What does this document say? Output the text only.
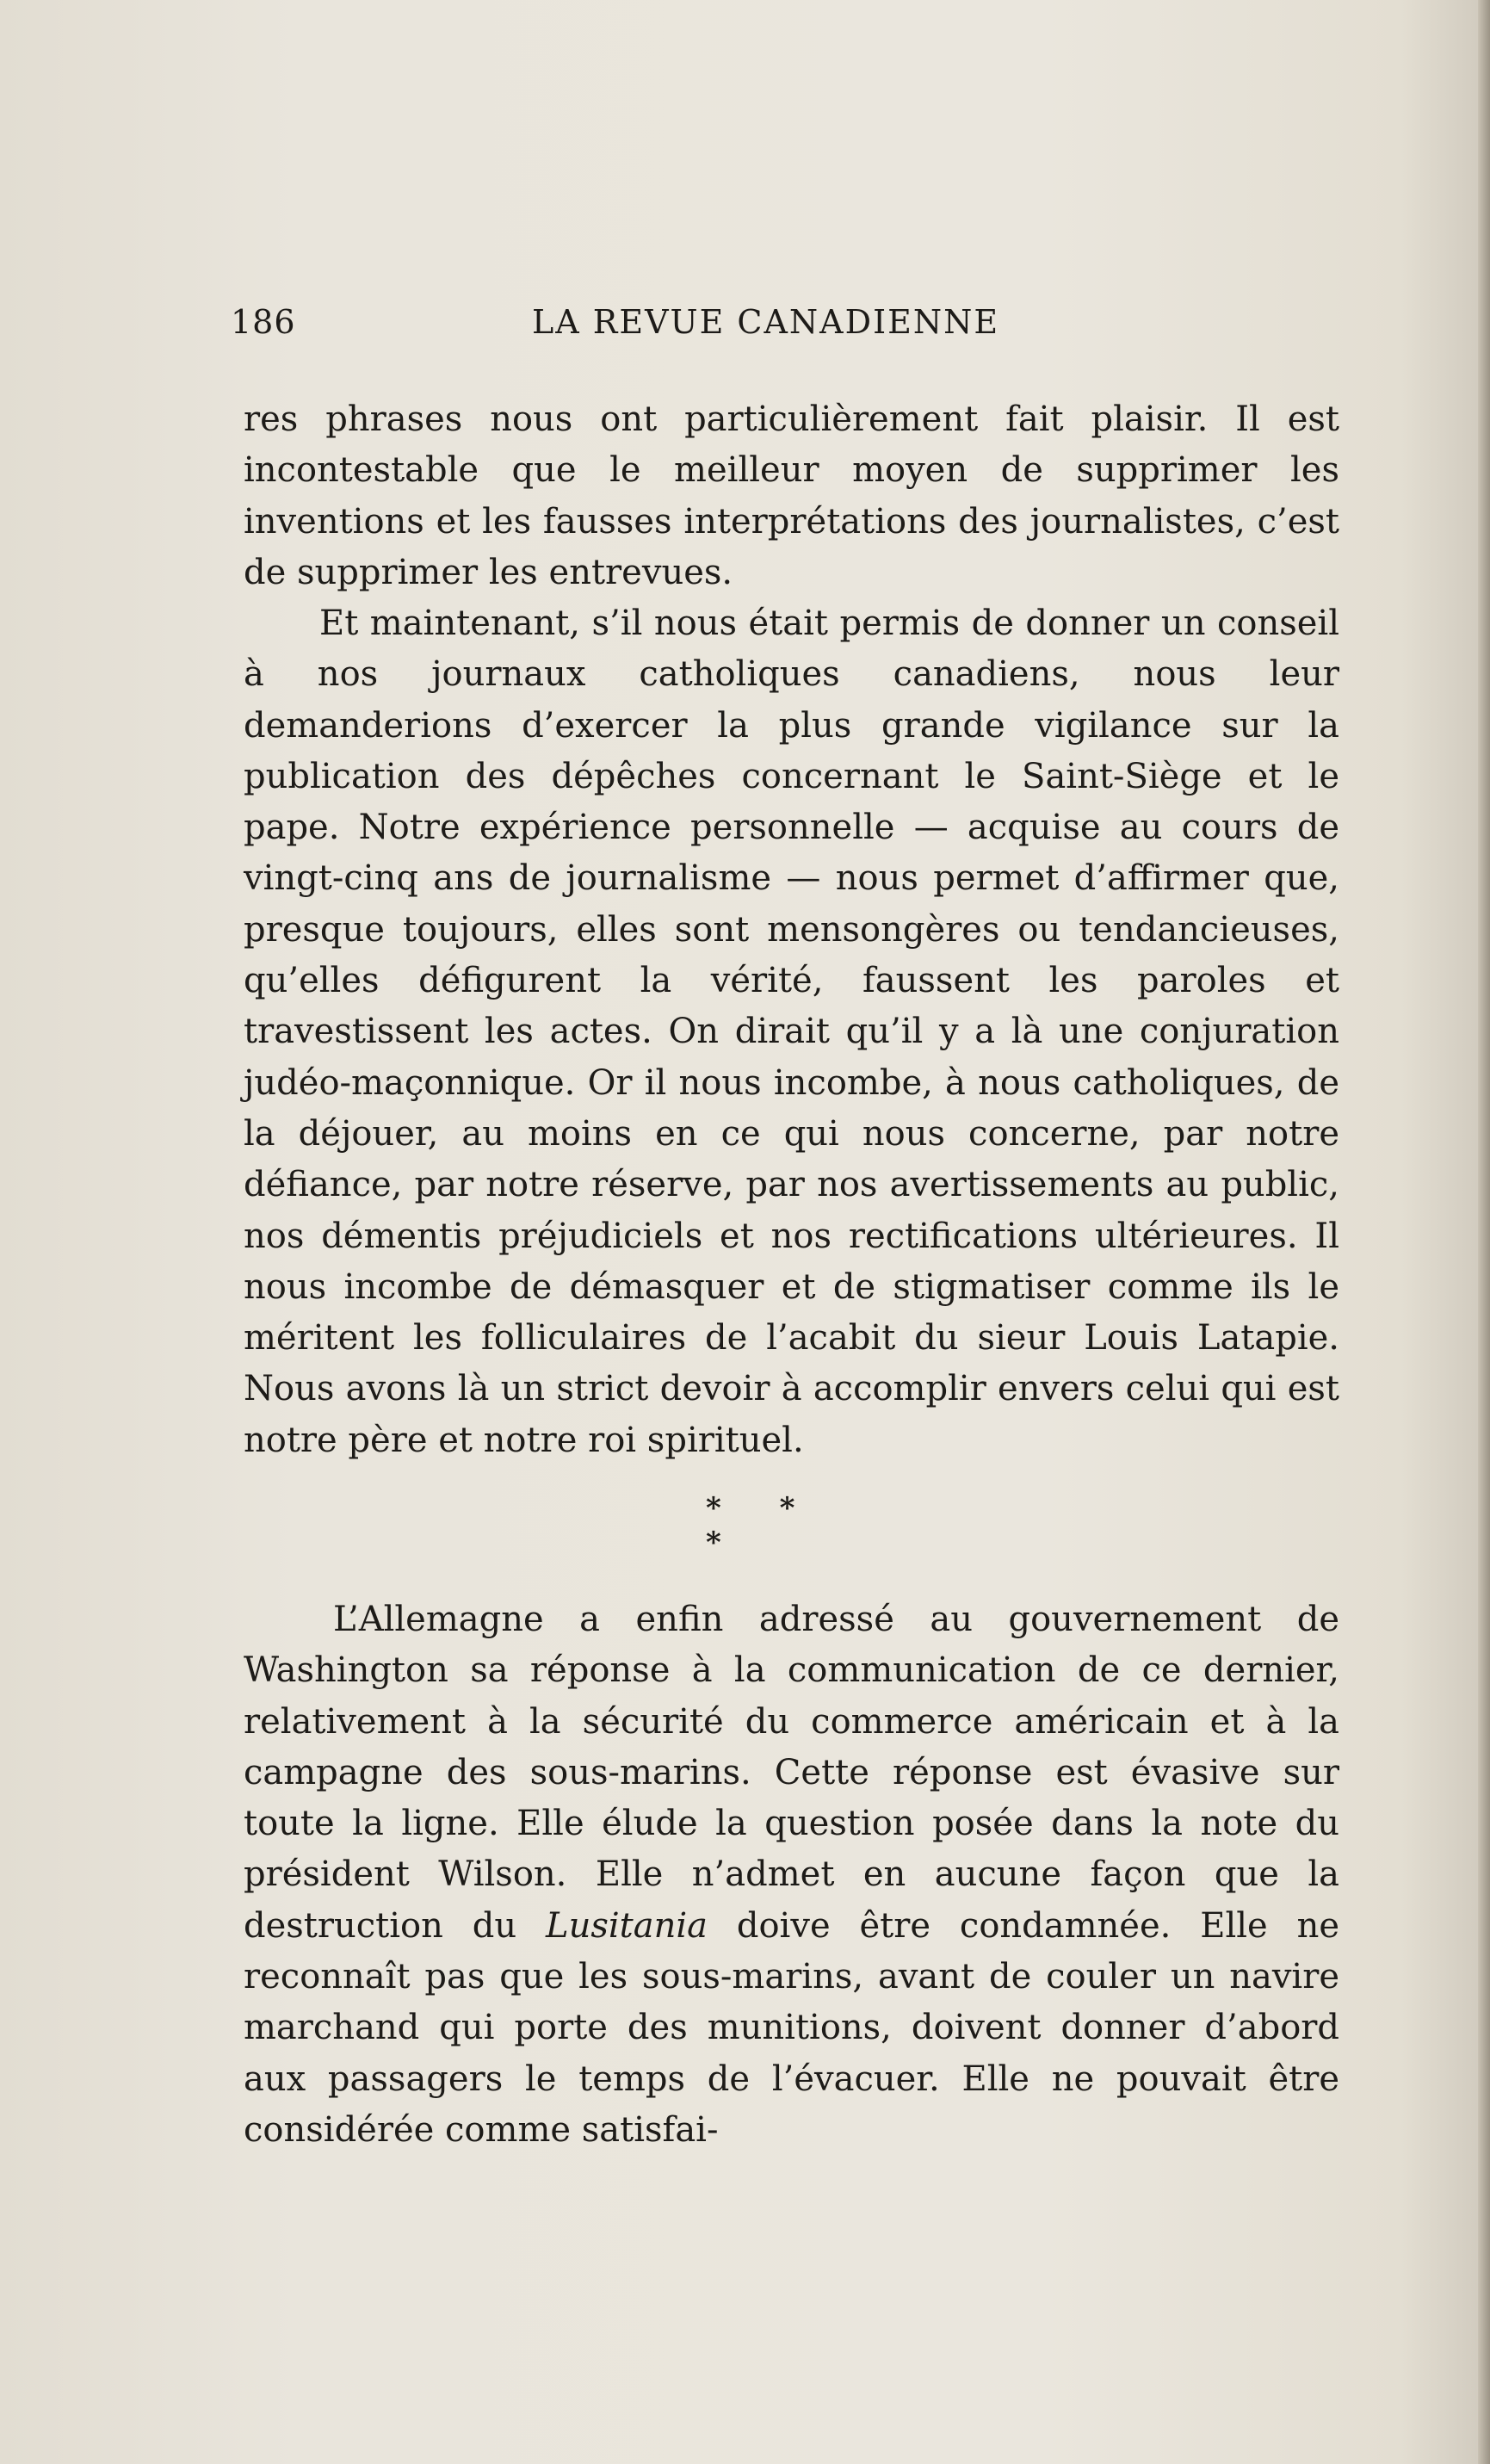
186	LA REVUE CANADIENNE

res phrases nous ont particulièrement fait plaisir. Il est incontestable que le meilleur moyen de supprimer les inventions et les fausses interprétations des journalistes, c’est de supprimer les entrevues.

Et maintenant, s’il nous était permis de donner un conseil à nos journaux catholiques canadiens, nous leur demanderions d’exercer la plus grande vigilance sur la publication des dépêches concernant le Saint-Siège et le pape. Notre expérience personnelle — acquise au cours de vingt-cinq ans de journalisme — nous permet d’affirmer que, presque toujours, elles sont mensongères ou tendancieuses, qu’elles défigurent la vérité, faussent les paroles et travestissent les actes. On dirait qu’il y a là une conjuration judéo-maçonnique. Or il nous incombe, à nous catholiques, de la déjouer, au moins en ce qui nous concerne, par notre défiance, par notre réserve, par nos avertissements au public, nos démentis préjudiciels et nos rectifications ultérieures. Il nous incombe de démasquer et de stigmatiser comme ils le méritent les folliculaires de l’acabit du sieur Louis Latapie. Nous avons là un strict devoir à accomplir envers celui qui est notre père et notre roi spirituel.

* * *

L’Allemagne a enfin adressé au gouvernement de Washington sa réponse à la communication de ce dernier, relativement à la sécurité du commerce américain et à la campagne des sous-marins. Cette réponse est évasive sur toute la ligne. Elle élude la question posée dans la note du président Wilson. Elle n’admet en aucune façon que la destruction du Lusitania doive être condamnée. Elle ne reconnaît pas que les sous-marins, avant de couler un navire marchand qui porte des munitions, doivent donner d’abord aux passagers le temps de l’évacuer. Elle ne pouvait être considérée comme satisfai-
